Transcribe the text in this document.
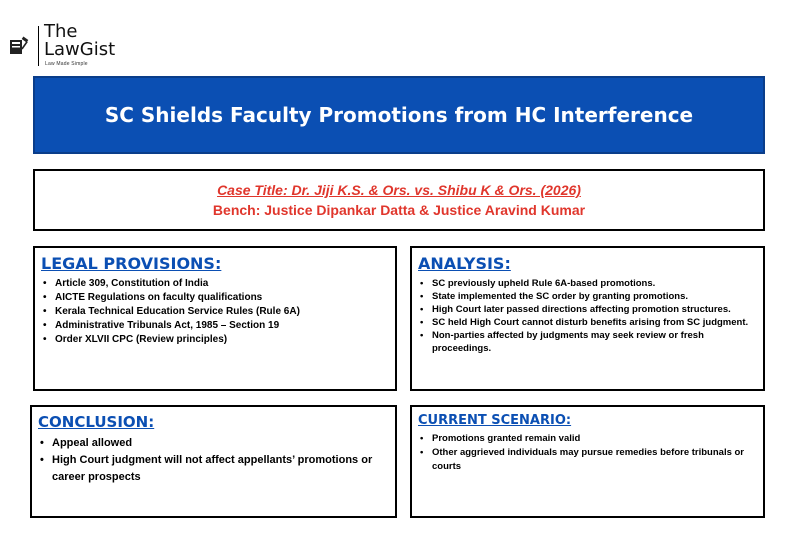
The
LawGist
Law Made Simple
SC Shields Faculty Promotions from HC Interference
Case Title: Dr. Jiji K.S. & Ors. vs. Shibu K & Ors. (2026)
Bench: Justice Dipankar Datta & Justice Aravind Kumar
LEGAL PROVISIONS:
• Article 309, Constitution of India
• AICTE Regulations on faculty qualifications
• Kerala Technical Education Service Rules (Rule 6A)
• Administrative Tribunals Act, 1985 – Section 19
• Order XLVII CPC (Review principles)
ANALYSIS:
• SC previously upheld Rule 6A-based promotions.
• State implemented the SC order by granting promotions.
• High Court later passed directions affecting promotion structures.
• SC held High Court cannot disturb benefits arising from SC judgment.
• Non-parties affected by judgments may seek review or fresh proceedings.
CONCLUSION:
• Appeal allowed
• High Court judgment will not affect appellants’ promotions or career prospects
CURRENT SCENARIO:
• Promotions granted remain valid
• Other aggrieved individuals may pursue remedies before tribunals or courts
